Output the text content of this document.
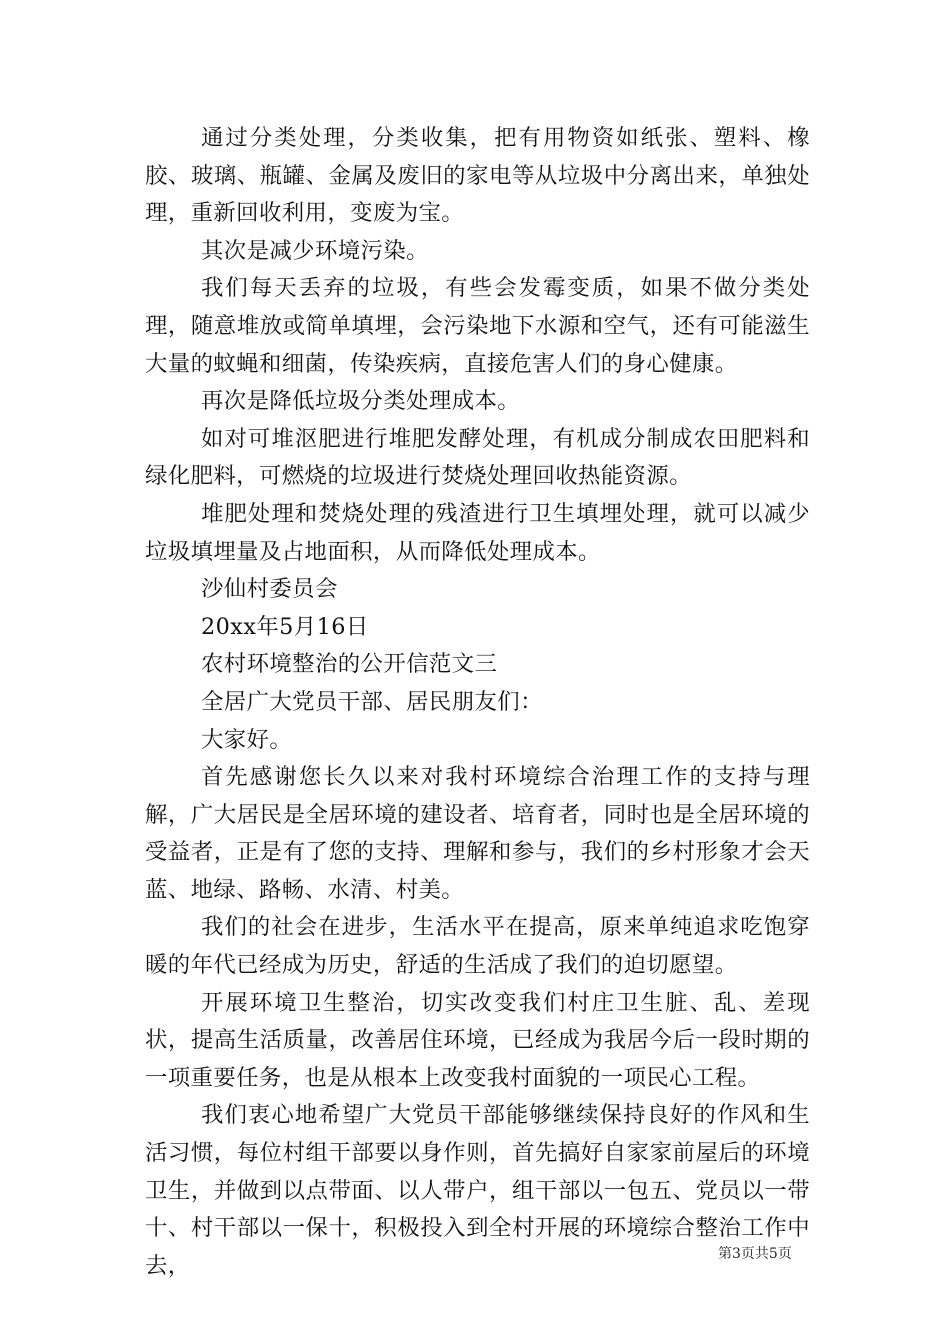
通过分类处理，分类收集，把有用物资如纸张、塑料、橡胶、玻璃、瓶罐、金属及废旧的家电等从垃圾中分离出来，单独处理，重新回收利用，变废为宝。

其次是减少环境污染。

我们每天丢弃的垃圾，有些会发霉变质，如果不做分类处理，随意堆放或简单填埋，会污染地下水源和空气，还有可能滋生大量的蚊蝇和细菌，传染疾病，直接危害人们的身心健康。

再次是降低垃圾分类处理成本。

如对可堆沤肥进行堆肥发酵处理，有机成分制成农田肥料和绿化肥料，可燃烧的垃圾进行焚烧处理回收热能资源。

堆肥处理和焚烧处理的残渣进行卫生填埋处理，就可以减少垃圾填埋量及占地面积，从而降低处理成本。

沙仙村委员会

20xx年5月16日

农村环境整治的公开信范文三

全居广大党员干部、居民朋友们：

大家好。

首先感谢您长久以来对我村环境综合治理工作的支持与理解，广大居民是全居环境的建设者、培育者，同时也是全居环境的受益者，正是有了您的支持、理解和参与，我们的乡村形象才会天蓝、地绿、路畅、水清、村美。

我们的社会在进步，生活水平在提高，原来单纯追求吃饱穿暖的年代已经成为历史，舒适的生活成了我们的迫切愿望。

开展环境卫生整治，切实改变我们村庄卫生脏、乱、差现状，提高生活质量，改善居住环境，已经成为我居今后一段时期的一项重要任务，也是从根本上改变我村面貌的一项民心工程。

我们衷心地希望广大党员干部能够继续保持良好的作风和生活习惯，每位村组干部要以身作则，首先搞好自家家前屋后的环境卫生，并做到以点带面、以人带户，组干部以一包五、党员以一带十、村干部以一保十，积极投入到全村开展的环境综合整治工作中去，	第3页共5页
